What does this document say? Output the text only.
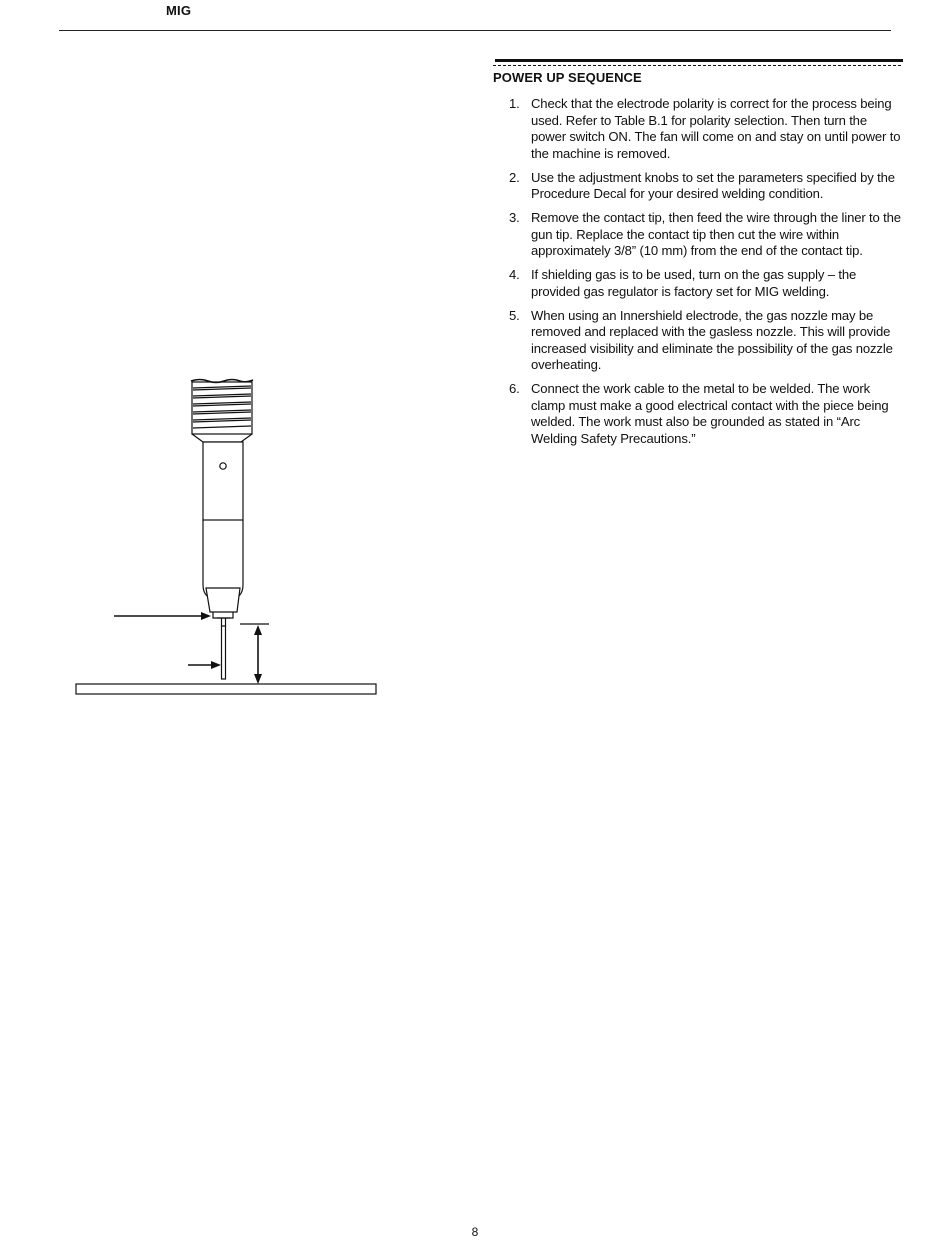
MIG
POWER UP SEQUENCE
1. Check that the electrode polarity is correct for the process being used. Refer to Table B.1 for polarity selection. Then turn the power switch ON. The fan will come on and stay on until power to the machine is removed.
2. Use the adjustment knobs to set the parameters specified by the Procedure Decal for your desired welding condition.
3. Remove the contact tip, then feed the wire through the liner to the gun tip. Replace the contact tip then cut the wire within approximately 3/8” (10 mm) from the end of the contact tip.
4. If shielding gas is to be used, turn on the gas supply – the provided gas regulator is factory set for MIG welding.
5. When using an Innershield electrode, the gas nozzle may be removed and replaced with the gasless nozzle. This will provide increased visibility and eliminate the possibility of the gas nozzle overheating.
6. Connect the work cable to the metal to be welded. The work clamp must make a good electrical contact with the piece being welded. The work must also be grounded as stated in “Arc Welding Safety Precautions.”
8
